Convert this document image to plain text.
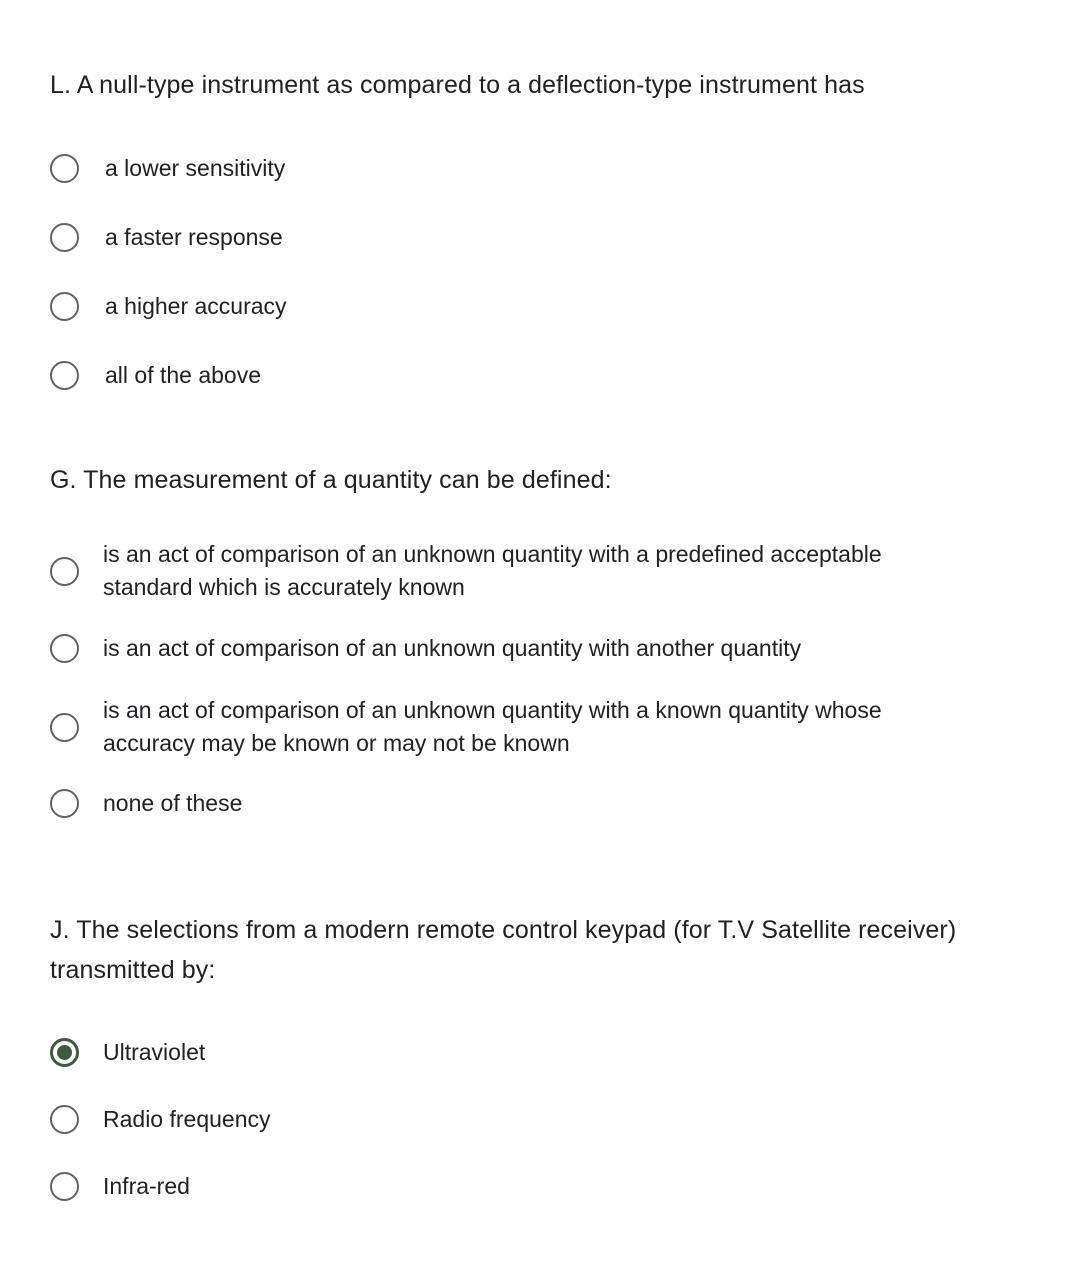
L. A null-type instrument as compared to a deflection-type instrument has
a lower sensitivity
a faster response
a higher accuracy
all of the above
G. The measurement of a quantity can be defined:
is an act of comparison of an unknown quantity with a predefined acceptable standard which is accurately known
is an act of comparison of an unknown quantity with another quantity
is an act of comparison of an unknown quantity with a known quantity whose accuracy may be known or may not be known
none of these
J. The selections from a modern remote control keypad (for T.V Satellite receiver) transmitted by:
Ultraviolet
Radio frequency
Infra-red
